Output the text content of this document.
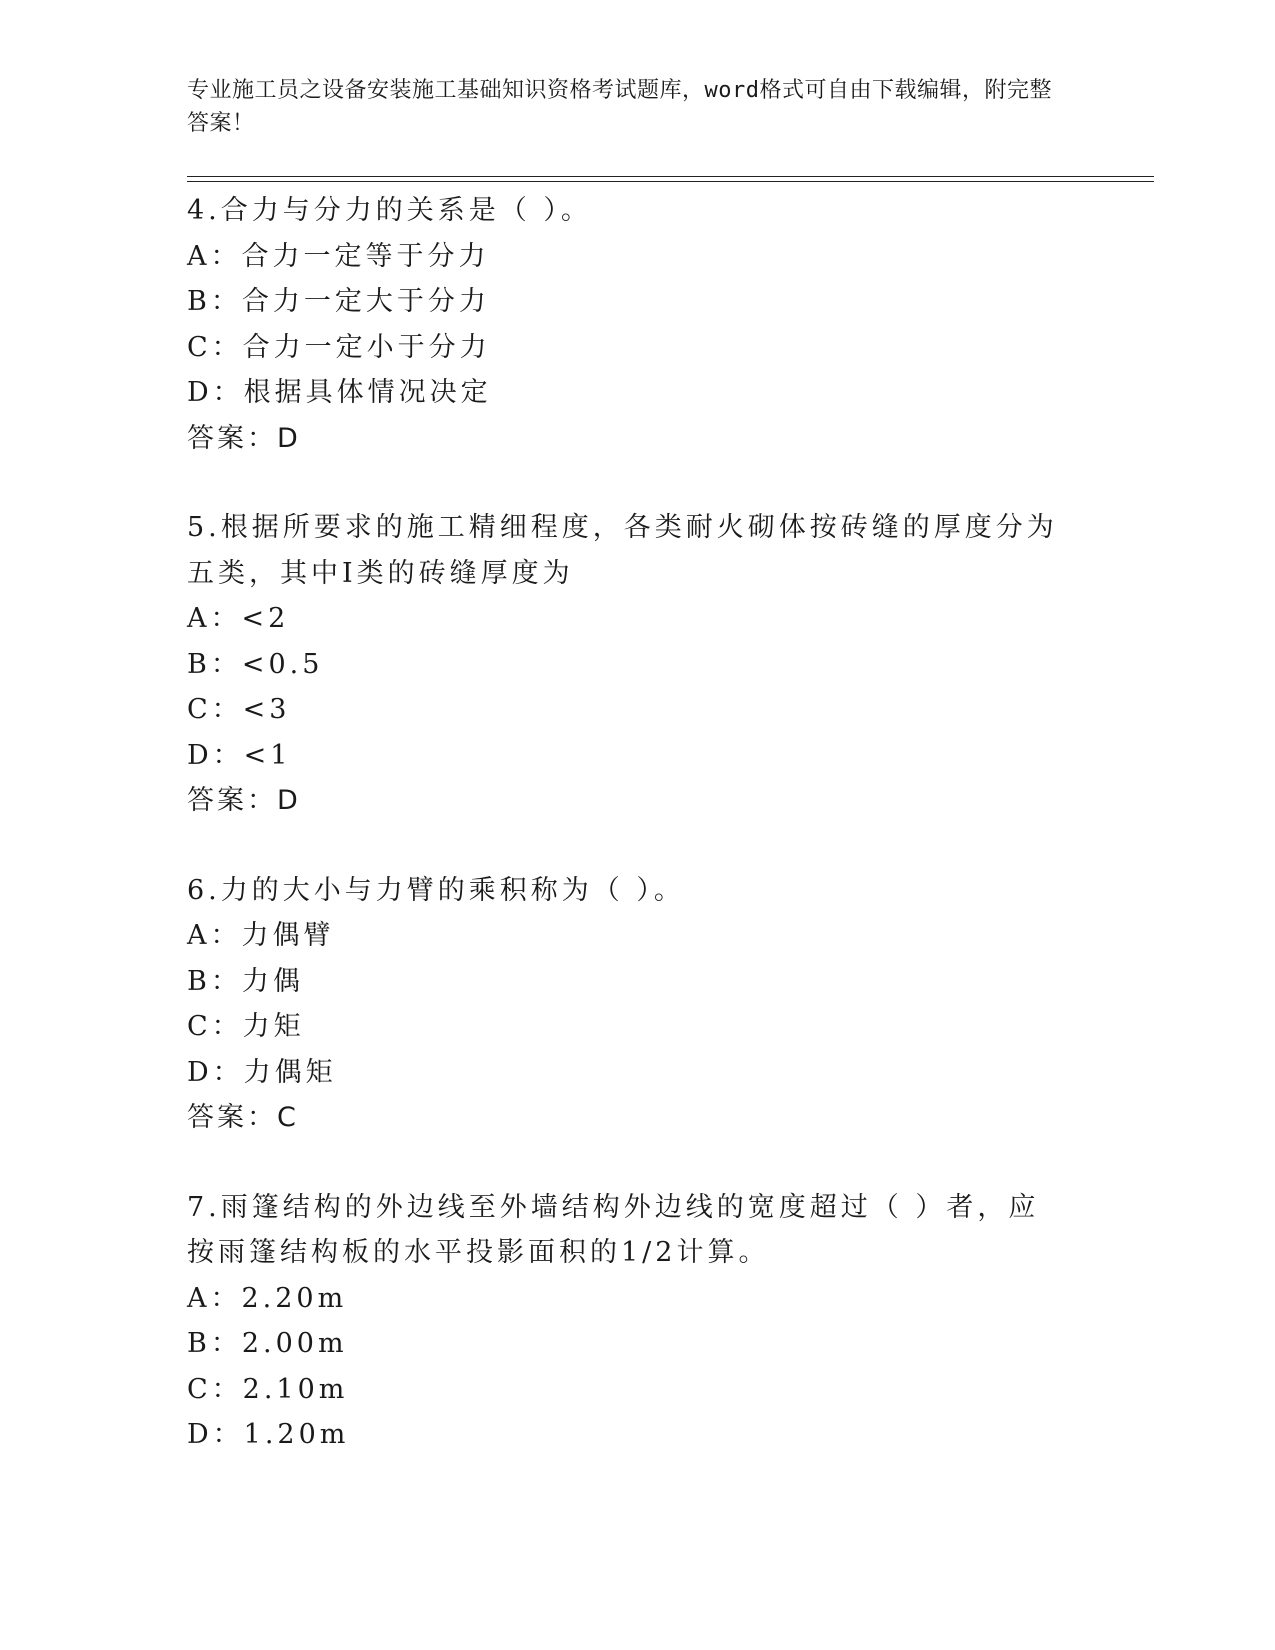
专业施工员之设备安装施工基础知识资格考试题库，word格式可自由下载编辑，附完整答案！
4.合力与分力的关系是（ ）。
A：合力一定等于分力
B：合力一定大于分力
C：合力一定小于分力
D：根据具体情况决定
答案：D
5.根据所要求的施工精细程度，各类耐火砌体按砖缝的厚度分为五类，其中Ⅰ类的砖缝厚度为
A：<2
B：<0.5
C：<3
D：<1
答案：D
6.力的大小与力臂的乘积称为（ ）。
A：力偶臂
B：力偶
C：力矩
D：力偶矩
答案：C
7.雨篷结构的外边线至外墙结构外边线的宽度超过（ ）者，应按雨篷结构板的水平投影面积的1/2计算。
A：2.20m
B：2.00m
C：2.10m
D：1.20m
